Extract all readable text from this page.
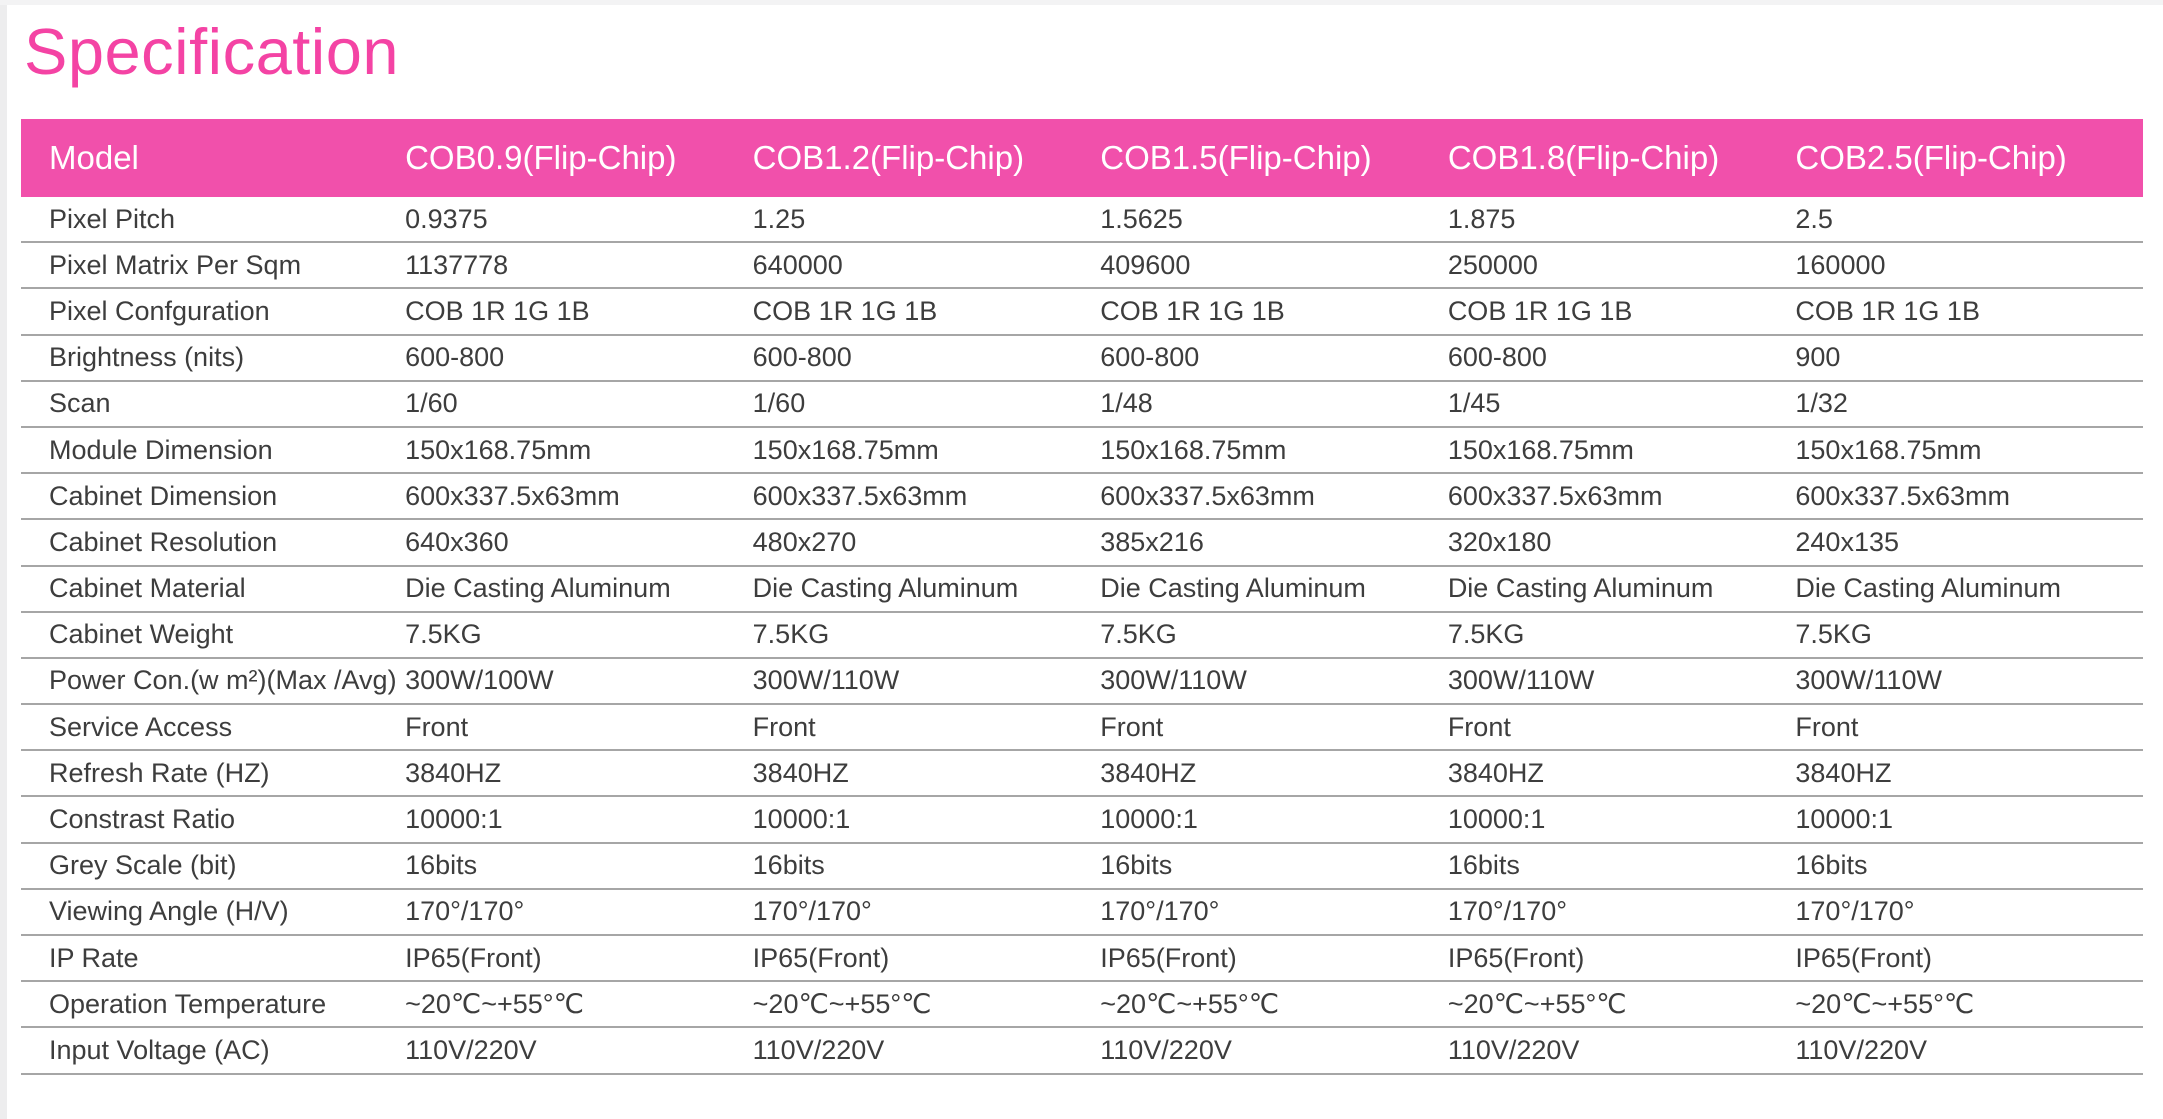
Specification
Model	COB0.9(Flip-Chip)	COB1.2(Flip-Chip)	COB1.5(Flip-Chip)	COB1.8(Flip-Chip)	COB2.5(Flip-Chip)
Pixel Pitch	0.9375	1.25	1.5625	1.875	2.5
Pixel Matrix Per Sqm	1137778	640000	409600	250000	160000
Pixel Confguration	COB 1R 1G 1B	COB 1R 1G 1B	COB 1R 1G 1B	COB 1R 1G 1B	COB 1R 1G 1B
Brightness (nits)	600-800	600-800	600-800	600-800	900
Scan	1/60	1/60	1/48	1/45	1/32
Module Dimension	150x168.75mm	150x168.75mm	150x168.75mm	150x168.75mm	150x168.75mm
Cabinet Dimension	600x337.5x63mm	600x337.5x63mm	600x337.5x63mm	600x337.5x63mm	600x337.5x63mm
Cabinet Resolution	640x360	480x270	385x216	320x180	240x135
Cabinet Material	Die Casting Aluminum	Die Casting Aluminum	Die Casting Aluminum	Die Casting Aluminum	Die Casting Aluminum
Cabinet Weight	7.5KG	7.5KG	7.5KG	7.5KG	7.5KG
Power Con.(w m²)(Max /Avg)	300W/100W	300W/110W	300W/110W	300W/110W	300W/110W
Service Access	Front	Front	Front	Front	Front
Refresh Rate (HZ)	3840HZ	3840HZ	3840HZ	3840HZ	3840HZ
Constrast Ratio	10000:1	10000:1	10000:1	10000:1	10000:1
Grey Scale (bit)	16bits	16bits	16bits	16bits	16bits
Viewing Angle (H/V)	170°/170°	170°/170°	170°/170°	170°/170°	170°/170°
IP Rate	IP65(Front)	IP65(Front)	IP65(Front)	IP65(Front)	IP65(Front)
Operation Temperature	~20℃~+55°℃	~20℃~+55°℃	~20℃~+55°℃	~20℃~+55°℃	~20℃~+55°℃
Input Voltage (AC)	110V/220V	110V/220V	110V/220V	110V/220V	110V/220V
